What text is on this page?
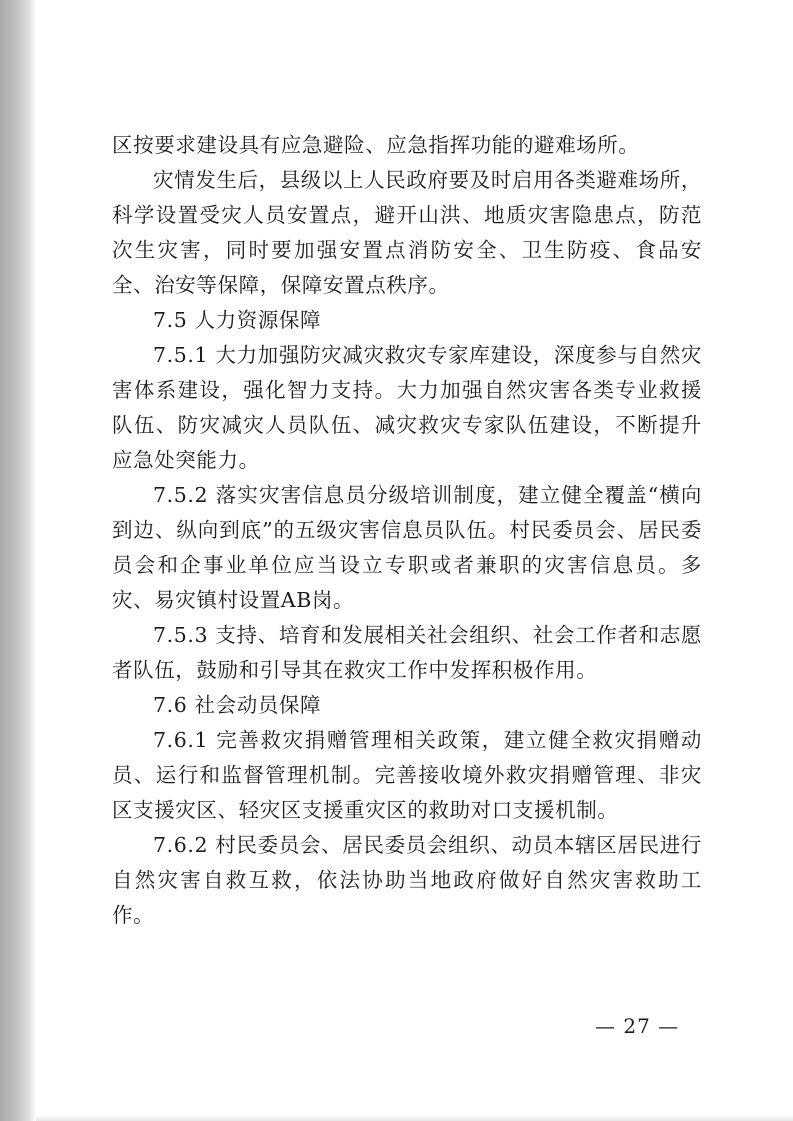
区按要求建设具有应急避险、应急指挥功能的避难场所。

灾情发生后，县级以上人民政府要及时启用各类避难场所，科学设置受灾人员安置点，避开山洪、地质灾害隐患点，防范次生灾害，同时要加强安置点消防安全、卫生防疫、食品安全、治安等保障，保障安置点秩序。

7.5 人力资源保障

7.5.1 大力加强防灾减灾救灾专家库建设，深度参与自然灾害体系建设，强化智力支持。大力加强自然灾害各类专业救援队伍、防灾减灾人员队伍、减灾救灾专家队伍建设，不断提升应急处突能力。

7.5.2 落实灾害信息员分级培训制度，建立健全覆盖“横向到边、纵向到底”的五级灾害信息员队伍。村民委员会、居民委员会和企事业单位应当设立专职或者兼职的灾害信息员。多灾、易灾镇村设置AB岗。

7.5.3 支持、培育和发展相关社会组织、社会工作者和志愿者队伍，鼓励和引导其在救灾工作中发挥积极作用。

7.6 社会动员保障

7.6.1 完善救灾捐赠管理相关政策，建立健全救灾捐赠动员、运行和监督管理机制。完善接收境外救灾捐赠管理、非灾区支援灾区、轻灾区支援重灾区的救助对口支援机制。

7.6.2 村民委员会、居民委员会组织、动员本辖区居民进行自然灾害自救互救，依法协助当地政府做好自然灾害救助工作。

— 27 —
